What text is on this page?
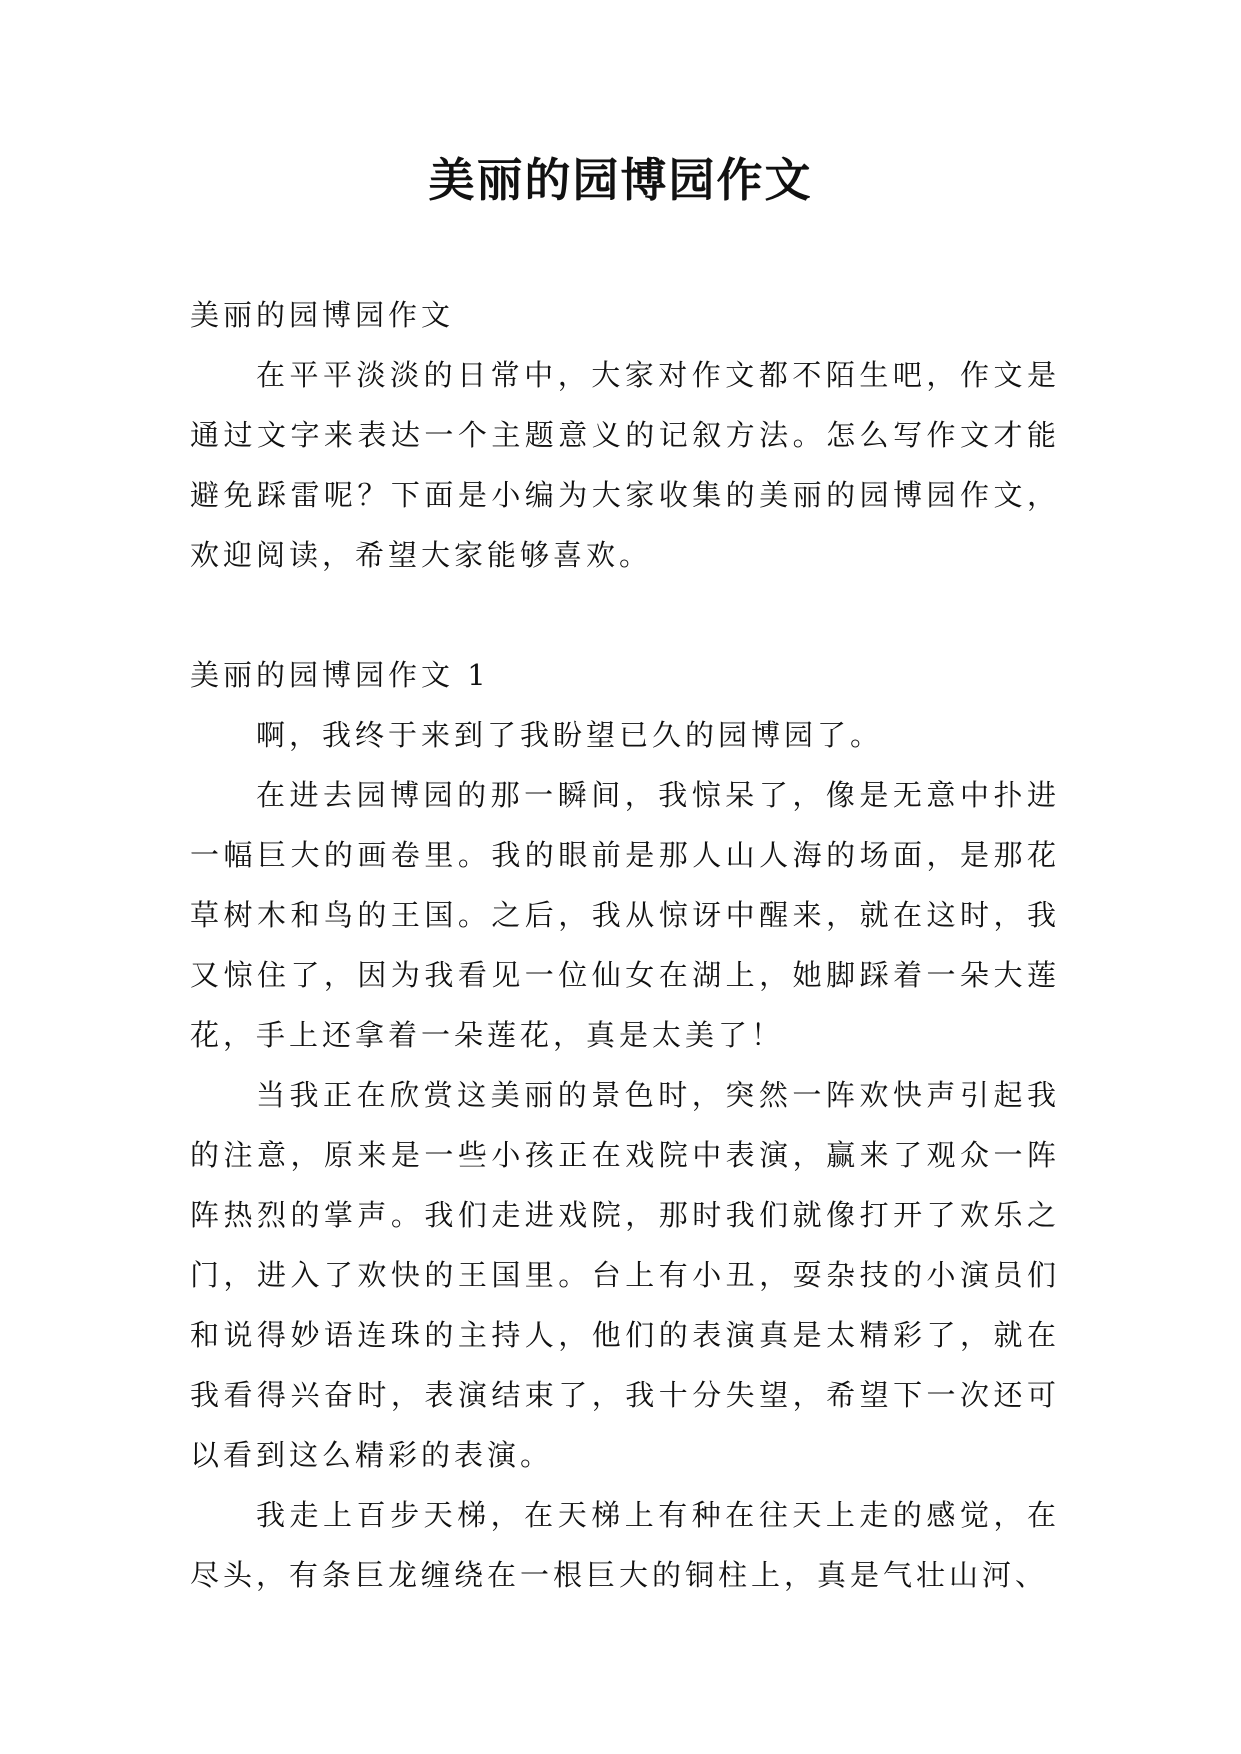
美丽的园博园作文

美丽的园博园作文

在平平淡淡的日常中，大家对作文都不陌生吧，作文是通过文字来表达一个主题意义的记叙方法。怎么写作文才能避免踩雷呢？下面是小编为大家收集的美丽的园博园作文，欢迎阅读，希望大家能够喜欢。

美丽的园博园作文 1

啊，我终于来到了我盼望已久的园博园了。

在进去园博园的那一瞬间，我惊呆了，像是无意中扑进一幅巨大的画卷里。我的眼前是那人山人海的场面，是那花草树木和鸟的王国。之后，我从惊讶中醒来，就在这时，我又惊住了，因为我看见一位仙女在湖上，她脚踩着一朵大莲花，手上还拿着一朵莲花，真是太美了！

当我正在欣赏这美丽的景色时，突然一阵欢快声引起我的注意，原来是一些小孩正在戏院中表演，赢来了观众一阵阵热烈的掌声。我们走进戏院，那时我们就像打开了欢乐之门，进入了欢快的王国里。台上有小丑，耍杂技的小演员们和说得妙语连珠的主持人，他们的表演真是太精彩了，就在我看得兴奋时，表演结束了，我十分失望，希望下一次还可以看到这么精彩的表演。

我走上百步天梯，在天梯上有种在往天上走的感觉，在尽头，有条巨龙缠绕在一根巨大的铜柱上，真是气壮山河、
